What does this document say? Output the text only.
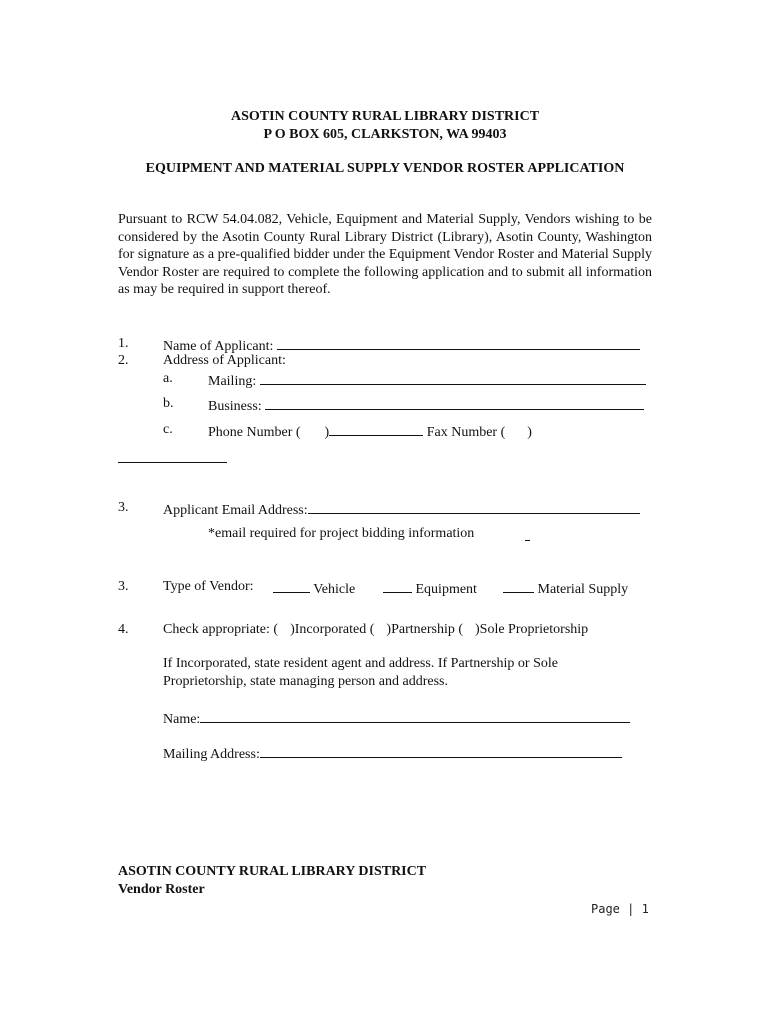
ASOTIN COUNTY RURAL LIBRARY DISTRICT
P O BOX 605, CLARKSTON, WA 99403
EQUIPMENT AND MATERIAL SUPPLY VENDOR ROSTER APPLICATION
Pursuant to RCW 54.04.082, Vehicle, Equipment and Material Supply, Vendors wishing to be considered by the Asotin County Rural Library District (Library), Asotin County, Washington for signature as a pre-qualified bidder under the Equipment Vendor Roster and Material Supply Vendor Roster are required to complete the following application and to submit all information as may be required in support thereof.
1. Name of Applicant:
2. Address of Applicant:
a.	Mailing:
b. Business:
c.	Phone Number ( )	Fax Number ( )
3. Applicant Email Address:
*email required for project bidding information
3. Type of Vendor:	Vehicle	Equipment	Material Supply
4. Check appropriate: ( )Incorporated ( )Partnership ( )Sole Proprietorship
If Incorporated, state resident agent and address. If Partnership or Sole
Proprietorship, state managing person and address.
Name:
Mailing Address:
ASOTIN COUNTY RURAL LIBRARY DISTRICT
Vendor Roster
Page | 1
